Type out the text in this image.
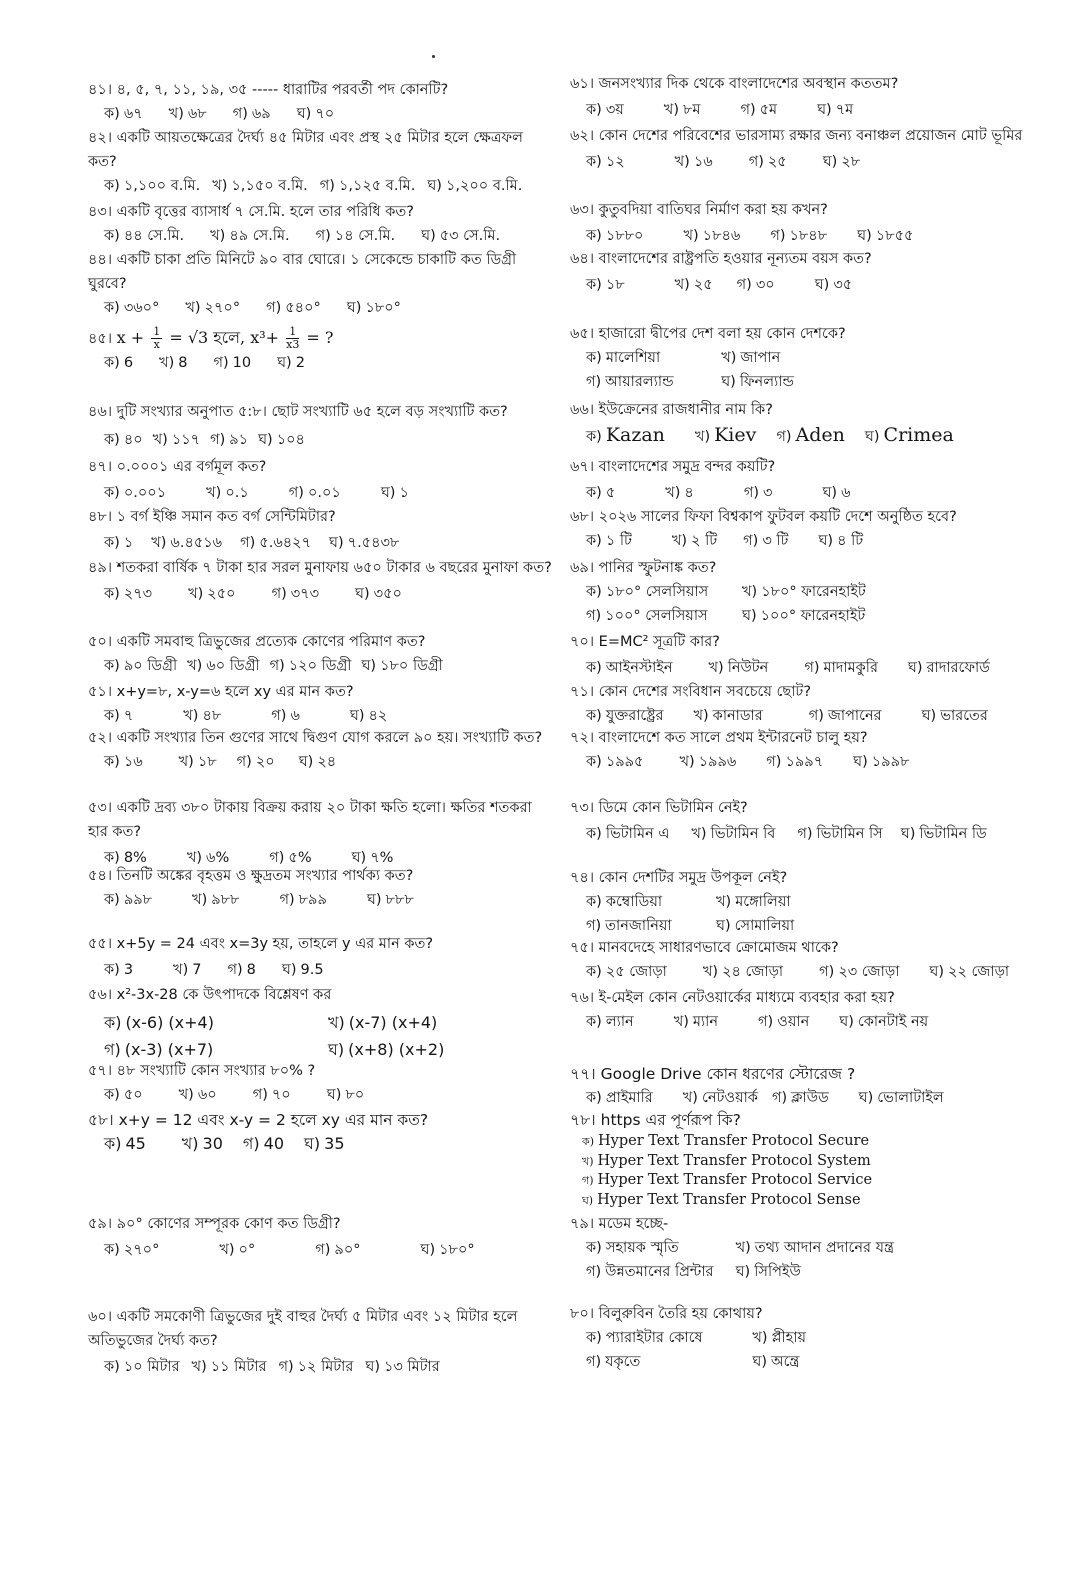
৪১। ৪, ৫, ৭, ১১, ১৯, ৩৫ ----- ধারাটির পরবর্তী পদ কোনটি?
ক) ৬৭ খ) ৬৮ গ) ৬৯ ঘ) ৭০
৪২। একটি আয়তক্ষেত্রের দৈর্ঘ্য ৪৫ মিটার এবং প্রস্থ ২৫ মিটার হলে ক্ষেত্রফল কত?
ক) ১,১০০ ব.মি. খ) ১,১৫০ ব.মি. গ) ১,১২৫ ব.মি. ঘ) ১,২০০ ব.মি.
৪৩। একটি বৃত্তের ব্যাসার্ধ ৭ সে.মি. হলে তার পরিধি কত?
ক) ৪৪ সে.মি. খ) ৪৯ সে.মি. গ) ১৪ সে.মি. ঘ) ৫৩ সে.মি.
৪৪। একটি চাকা প্রতি মিনিটে ৯০ বার ঘোরে। ১ সেকেন্ডে চাকাটি কত ডিগ্রী ঘুরবে?
ক) ৩৬০° খ) ২৭০° গ) ৫৪০° ঘ) ১৮০°
৪৫। $x + \frac{1}{x} = √3$ হলে, $x^3+ \frac{1}{x3}$ = ?
ক) 6 খ) 8 গ) 10 ঘ) 2
৪৬। দুটি সংখ্যার অনুপাত ৫:৮। ছোট সংখ্যাটি ৬৫ হলে বড় সংখ্যাটি কত?
ক) ৪০ খ) ১১৭ গ) ৯১ ঘ) ১০৪
৪৭। ০.০০০১ এর বর্গমূল কত?
ক) ০.০০১	খ) ০.১	গ) ০.০১	ঘ) ১
৪৮। ১ বর্গ ইঞ্চি সমান কত বর্গ সেন্টিমিটার?
ক) ১ খ) ৬.৪৫১৬ গ) ৫.৬৪২৭ ঘ) ৭.৫৪৩৮
৪৯। শতকরা বার্ষিক ৭ টাকা হার সরল মুনাফায় ৬৫০ টাকার ৬ বছরের মুনাফা কত?
ক) ২৭৩ খ) ২৫০ গ) ৩৭৩ ঘ) ৩৫০
৫০। একটি সমবাহু ত্রিভুজের প্রত্যেক কোণের পরিমাণ কত?
ক) ৯০ ডিগ্রী খ) ৬০ ডিগ্রী গ) ১২০ ডিগ্রী ঘ) ১৮০ ডিগ্রী
৫১। x+y=৮, x-y=৬ হলে xy এর মান কত?
ক) ৭	খ) ৪৮	গ) ৬	ঘ) ৪২
৫২। একটি সংখ্যার তিন গুণের সাথে দ্বিগুণ যোগ করলে ৯০ হয়। সংখ্যাটি কত?
ক) ১৬ খ) ১৮ গ) ২০ ঘ) ২৪
৫৩। একটি দ্রব্য ৩৮০ টাকায় বিক্রয় করায় ২০ টাকা ক্ষতি হলো। ক্ষতির শতকরা হার কত?
ক) 8%	খ) ৬%	গ) ৫%	ঘ) ৭%
৫৪। তিনটি অঙ্কের বৃহত্তম ও ক্ষুদ্রতম সংখ্যার পার্থক্য কত?
ক) ৯৯৮	খ) ৯৮৮	গ) ৮৯৯	ঘ) ৮৮৮
৫৫। x+5y = 24 এবং x=3y হয়, তাহলে y এর মান কত?
ক) 3	খ) 7 গ) 8 ঘ) 9.5
৫৬। x²-3x-28 কে উৎপাদকে বিশ্লেষণ কর
ক) (x-6) (x+4)	খ) (x-7) (x+4)
গ) (x-3) (x+7)	ঘ) (x+8) (x+2)
৫৭। ৪৮ সংখ্যাটি কোন সংখ্যার ৮০% ?
ক) ৫০ খ) ৬০ গ) ৭০ ঘ) ৮০
৫৮। x+y = 12 এবং x-y = 2 হলে xy এর মান কত?
ক) 45 খ) 30 গ) 40 ঘ) 35
৫৯। ৯০° কোণের সম্পূরক কোণ কত ডিগ্রী?
ক) ২৭০°	খ) ০°	গ) ৯০°	ঘ) ১৮০°
৬০। একটি সমকোণী ত্রিভুজের দুই বাহুর দৈর্ঘ্য ৫ মিটার এবং ১২ মিটার হলে অতিভুজের দৈর্ঘ্য কত?
ক) ১০ মিটার খ) ১১ মিটার গ) ১২ মিটার ঘ) ১৩ মিটার
৬১। জনসংখ্যার দিক থেকে বাংলাদেশের অবস্থান কততম?
ক) ৩য়	খ) ৮ম	গ) ৫ম	ঘ) ৭ম
৬২। কোন দেশের পরিবেশের ভারসাম্য রক্ষার জন্য বনাঞ্চল প্রয়োজন মোট ভূমির
ক) ১২	খ) ১৬ গ) ২৫ ঘ) ২৮
৬৩। কুতুবদিয়া বাতিঘর নির্মাণ করা হয় কখন?
ক) ১৮৮০	খ) ১৮৪৬ গ) ১৮৪৮ ঘ) ১৮৫৫
৬৪। বাংলাদেশের রাষ্ট্রপতি হওয়ার নূন্যতম বয়স কত?
ক) ১৮	খ) ২৫ গ) ৩০	ঘ) ৩৫
৬৫। হাজারো দ্বীপের দেশ বলা হয় কোন দেশকে?
ক) মালেশিয়া	খ) জাপান
গ) আয়ারল্যান্ড	ঘ) ফিনল্যান্ড
৬৬। ইউক্রেনের রাজধানীর নাম কি?
ক) Kazan খ) Kiev গ) Aden ঘ) Crimea
৬৭। বাংলাদেশের সমুদ্র বন্দর কয়টি?
ক) ৫	খ) ৪	গ) ৩	ঘ) ৬
৬৮। ২০২৬ সালের ফিফা বিশ্বকাপ ফুটবল কয়টি দেশে অনুষ্ঠিত হবে?
ক) ১ টি	খ) ২ টি গ) ৩ টি ঘ) ৪ টি
৬৯। পানির স্ফুটনাঙ্ক কত?
ক) ১৮০° সেলসিয়াস	খ) ১৮০° ফারেনহাইট
গ) ১০০° সেলসিয়াস	ঘ) ১০০° ফারেনহাইট
৭০। E=MC² সূত্রটি কার?
ক) আইনস্টাইন খ) নিউটন গ) মাদামকুরি ঘ) রাদারফোর্ড
৭১। কোন দেশের সংবিধান সবচেয়ে ছোট?
ক) যুক্তরাষ্ট্রের খ) কানাডার	গ) জাপানের	ঘ) ভারতের
৭২। বাংলাদেশে কত সালে প্রথম ইন্টারনেট চালু হয়?
ক) ১৯৯৫ খ) ১৯৯৬ গ) ১৯৯৭ ঘ) ১৯৯৮
৭৩। ডিমে কোন ভিটামিন নেই?
ক) ভিটামিন এ খ) ভিটামিন বি গ) ভিটামিন সি ঘ) ভিটামিন ডি
৭৪। কোন দেশটির সমুদ্র উপকূল নেই?
ক) কম্বোডিয়া	খ) মঙ্গোলিয়া
গ) তানজানিয়া	ঘ) সোমালিয়া
৭৫। মানবদেহে সাধারণভাবে ক্রোমোজম থাকে?
ক) ২৫ জোড়া খ) ২৪ জোড়া গ) ২৩ জোড়া ঘ) ২২ জোড়া
৭৬। ই-মেইল কোন নেটওয়ার্কের মাধ্যমে ব্যবহার করা হয়?
ক) ল্যান	খ) ম্যান	গ) ওয়ান ঘ) কোনটাই নয়
৭৭। Google Drive কোন ধরণের স্টোরেজ ?
ক) প্রাইমারি খ) নেটওয়ার্ক গ) ক্লাউড ঘ) ভোলাটাইল
৭৮। https এর পূর্ণরূপ কি?
ক) Hyper Text Transfer Protocol Secure
খ) Hyper Text Transfer Protocol System
গ) Hyper Text Transfer Protocol Service
ঘ) Hyper Text Transfer Protocol Sense
৭৯। মডেম হচ্ছে-
ক) সহায়ক স্মৃতি	খ) তথ্য আদান প্রদানের যন্ত্র
গ) উন্নতমানের প্রিন্টার	ঘ) সিপিইউ
৮০। বিলুরুবিন তৈরি হয় কোথায়?
ক) প্যারাইটার কোষে	খ) প্লীহায়
গ) যকৃতে	ঘ) অন্ত্রে
